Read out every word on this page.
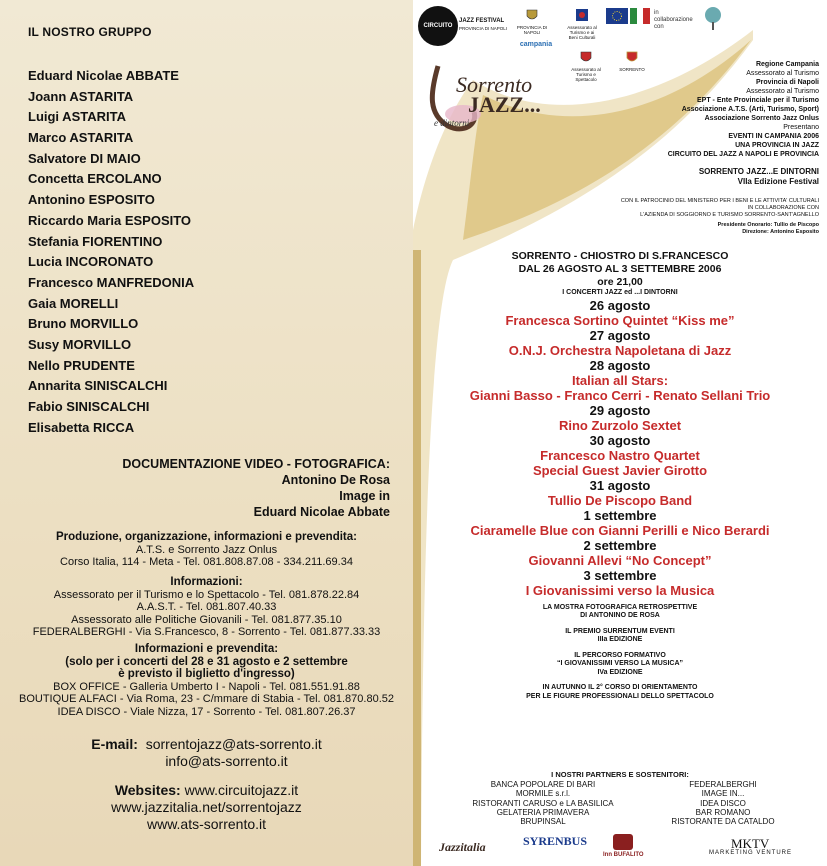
IL NOSTRO GRUPPO
Eduard Nicolae ABBATE
Joann ASTARITA
Luigi ASTARITA
Marco ASTARITA
Salvatore DI MAIO
Concetta ERCOLANO
Antonino ESPOSITO
Riccardo Maria ESPOSITO
Stefania FIORENTINO
Lucia INCORONATO
Francesco MANFREDONIA
Gaia MORELLI
Bruno MORVILLO
Susy MORVILLO
Nello PRUDENTE
Annarita SINISCALCHI
Fabio SINISCALCHI
Elisabetta RICCA
DOCUMENTAZIONE VIDEO - FOTOGRAFICA:
Antonino De Rosa
Image in
Eduard Nicolae Abbate
Produzione, organizzazione, informazioni e prevendita:
A.T.S. e Sorrento Jazz Onlus
Corso Italia, 114 - Meta - Tel. 081.808.87.08 - 334.211.69.34
Informazioni:
Assessorato per il Turismo e lo Spettacolo - Tel. 081.878.22.84
A.A.S.T. - Tel. 081.807.40.33
Assessorato alle Politiche Giovanili - Tel. 081.877.35.10
FEDERALBERGHI - Via S.Francesco, 8 - Sorrento - Tel. 081.877.33.33
Informazioni e prevendita:
(solo per i concerti del 28 e 31 agosto e 2 settembre
è previsto il biglietto d'ingresso)
BOX OFFICE - Galleria Umberto I - Napoli - Tel. 081.551.91.88
BOUTIQUE ALFACI - Via Roma, 23 - C/mmare di Stabia - Tel. 081.870.80.52
IDEA DISCO - Viale Nizza, 17 - Sorrento - Tel. 081.807.26.37
E-mail: sorrentojazz@ats-sorrento.it
info@ats-sorrento.it
Websites: www.circuitojazz.it
www.jazzitalia.net/sorrentojazz
www.ats-sorrento.it
CIRCUITO
JAZZ FESTIVAL
PROVINCIA DI NAPOLI	PROVINCIA DI NAPOLI
Assessorato al Turismo e ai Beni Culturali
in collaborazione con
campania
Assessorato al Turismo e Spettacolo
SORRENTO
Sorrento
JAZZ...
e dintorni
Regione Campania
Assessorato al Turismo
Provincia di Napoli
Assessorato al Turismo
EPT - Ente Provinciale per il Turismo
Associazione A.T.S. (Arti, Turismo, Sport)
Associazione Sorrento Jazz Onlus
Presentano
EVENTI IN CAMPANIA 2006
UNA PROVINCIA IN JAZZ
CIRCUITO DEL JAZZ A NAPOLI E PROVINCIA
SORRENTO JAZZ...E DINTORNI
VIIa Edizione Festival
CON IL PATROCINIO DEL MINISTERO PER I BENI E LE ATTIVITA' CULTURALI
IN COLLABORAZIONE CON
L'AZIENDA DI SOGGIORNO E TURISMO SORRENTO-SANT'AGNELLO
Presidente Onorario: Tullio de Piscopo
Direzione: Antonino Esposito
SORRENTO - CHIOSTRO DI S.FRANCESCO
DAL 26 AGOSTO AL 3 SETTEMBRE 2006
ore 21,00
I CONCERTI JAZZ ed ...I DINTORNI
26 agosto
Francesca Sortino Quintet “Kiss me”
27 agosto
O.N.J. Orchestra Napoletana di Jazz
28 agosto
Italian all Stars:
Gianni Basso - Franco Cerri - Renato Sellani Trio
29 agosto
Rino Zurzolo Sextet
30 agosto
Francesco Nastro Quartet
Special Guest Javier Girotto
31 agosto
Tullio De Piscopo Band
1 settembre
Ciaramelle Blue con Gianni Perilli e Nico Berardi
2 settembre
Giovanni Allevi “No Concept”
3 settembre
I Giovanissimi verso la Musica
LA MOSTRA FOTOGRAFICA RETROSPETTIVE
DI ANTONINO DE ROSA
IL PREMIO SURRENTUM EVENTI
IIIa EDIZIONE
IL PERCORSO FORMATIVO
“I GIOVANISSIMI VERSO LA MUSICA”
IVa EDIZIONE
IN AUTUNNO IL 2° CORSO DI ORIENTAMENTO
PER LE FIGURE PROFESSIONALI DELLO SPETTACOLO
I NOSTRI PARTNERS E SOSTENITORI:
BANCA POPOLARE DI BARI
MORMILE s.r.l.
RISTORANTI CARUSO e LA BASILICA
GELATERIA PRIMAVERA
BRUPINSAL
FEDERALBERGHI
IMAGE IN...
IDEA DISCO
BAR ROMANO
RISTORANTE DA CATALDO
Jazzitalia	SYRENBUS
Inn BUFALITO
MKTV
MARKETING VENTURE
